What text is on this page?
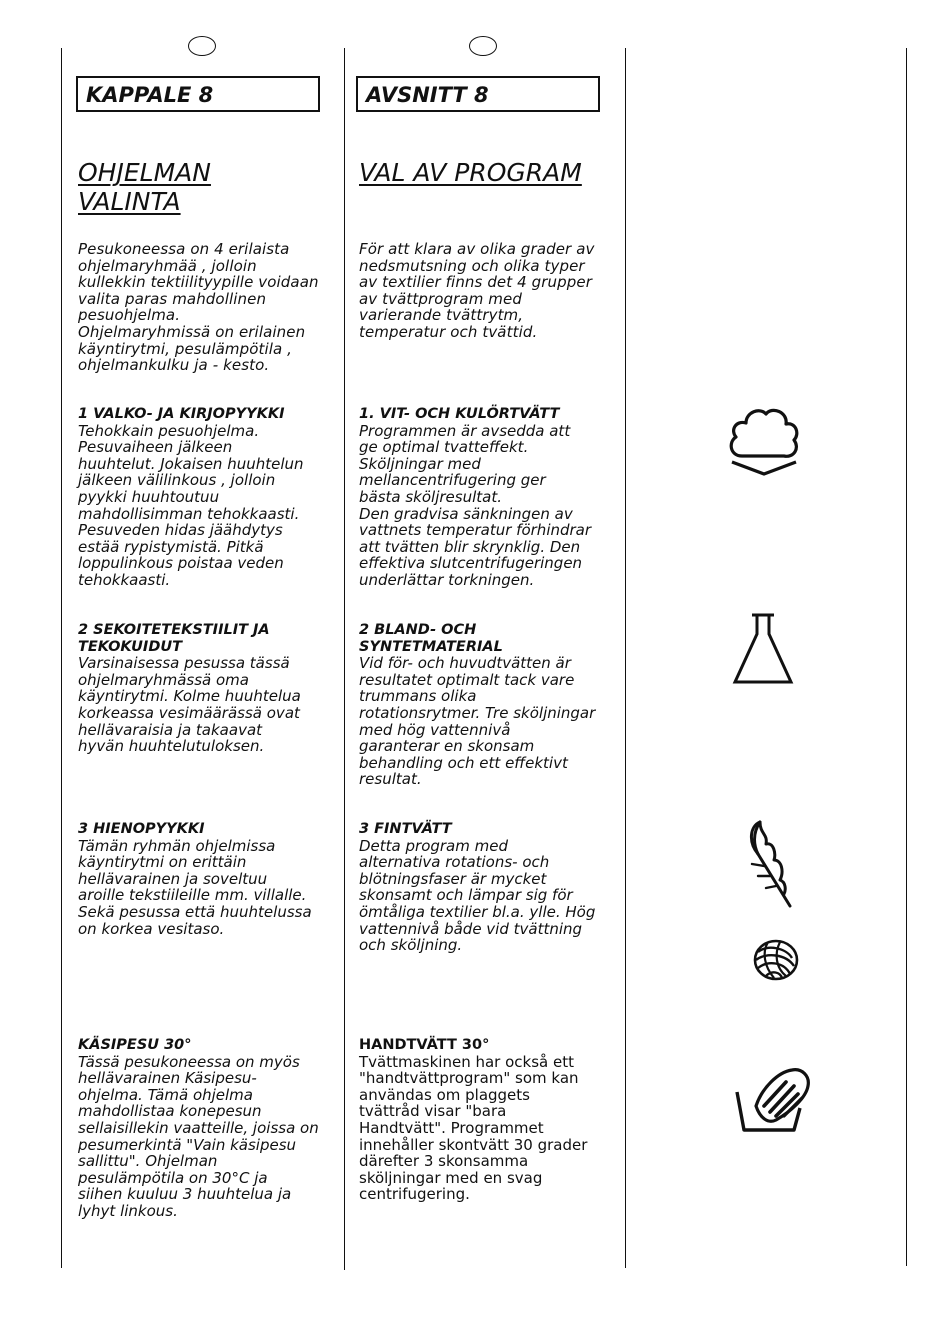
KAPPALE 8
OHJELMAN
VALINTA
Pesukoneessa on 4 erilaista
ohjelmaryhmää , jolloin
kullekkin tektiilityypille voidaan
valita paras mahdollinen
pesuohjelma.
Ohjelmaryhmissä on erilainen
käyntirytmi, pesulämpötila ,
ohjelmankulku ja - kesto.
1 VALKO- JA KIRJOPYYKKI
Tehokkain pesuohjelma.
Pesuvaiheen jälkeen
huuhtelut. Jokaisen huuhtelun
jälkeen välilinkous , jolloin
pyykki huuhtoutuu
mahdollisimman tehokkaasti.
Pesuveden hidas jäähdytys
estää rypistymistä. Pitkä
loppulinkous poistaa veden
tehokkaasti.
2 SEKOITETEKSTIILIT JA
TEKOKUIDUT
Varsinaisessa pesussa tässä
ohjelmaryhmässä oma
käyntirytmi. Kolme huuhtelua
korkeassa vesimäärässä ovat
hellävaraisia ja takaavat
hyvän huuhtelutuloksen.
3 HIENOPYYKKI
Tämän ryhmän ohjelmissa
käyntirytmi on erittäin
hellävarainen ja soveltuu
aroille tekstiileille mm. villalle.
Sekä pesussa että huuhtelussa
on korkea vesitaso.
KÄSIPESU 30°
Tässä pesukoneessa on myös
hellävarainen Käsipesu-
ohjelma. Tämä ohjelma
mahdollistaa konepesun
sellaisillekin vaatteille, joissa on
pesumerkintä "Vain käsipesu
sallittu". Ohjelman
pesulämpötila on 30°C ja
siihen kuuluu 3 huuhtelua ja
lyhyt linkous.
AVSNITT 8
VAL AV PROGRAM
För att klara av olika grader av
nedsmutsning och olika typer
av textilier finns det 4 grupper
av tvättprogram med
varierande tvättrytm,
temperatur och tvättid.
1. VIT- OCH KULÖRTVÄTT
Programmen är avsedda att
ge optimal tvatteffekt.
Sköljningar med
mellancentrifugering ger
bästa sköljresultat.
Den gradvisa sänkningen av
vattnets temperatur förhindrar
att tvätten blir skrynklig. Den
effektiva slutcentrifugeringen
underlättar torkningen.
2 BLAND- OCH
SYNTETMATERIAL
Vid för- och huvudtvätten är
resultatet optimalt tack vare
trummans olika
rotationsrytmer. Tre sköljningar
med hög vattennivå
garanterar en skonsam
behandling och ett effektivt
resultat.
3 FINTVÄTT
Detta program med
alternativa rotations- och
blötningsfaser är mycket
skonsamt och lämpar sig för
ömtåliga textilier bl.a. ylle. Hög
vattennivå både vid tvättning
och sköljning.
HANDTVÄTT 30°
Tvättmaskinen har också ett
"handtvättprogram" som kan
användas om plaggets
tvättråd visar "bara
Handtvätt". Programmet
innehåller skontvätt 30 grader
därefter 3 skonsamma
sköljningar med en svag
centrifugering.
